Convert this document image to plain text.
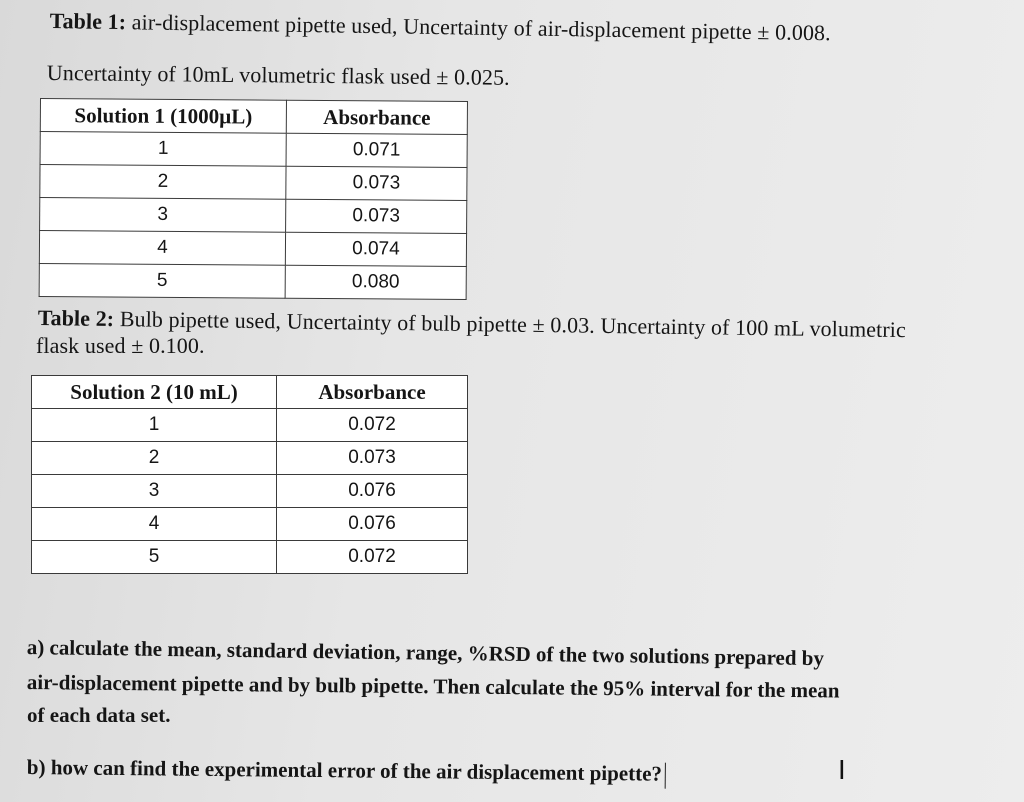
Table 1: air-displacement pipette used, Uncertainty of air-displacement pipette ± 0.008.
Uncertainty of 10mL volumetric flask used ± 0.025.
Solution 1 (1000µL)	Absorbance
1	0.071
2	0.073
3	0.073
4	0.074
5	0.080
Table 2: Bulb pipette used, Uncertainty of bulb pipette ± 0.03. Uncertainty of 100 mL volumetric
flask used ± 0.100.
Solution 2 (10 mL)	Absorbance
1	0.072
2	0.073
3	0.076
4	0.076
5	0.072
a) calculate the mean, standard deviation, range, %RSD of the two solutions prepared by
air-displacement pipette and by bulb pipette. Then calculate the 95% interval for the mean
of each data set.
b) how can find the experimental error of the air displacement pipette?	I
